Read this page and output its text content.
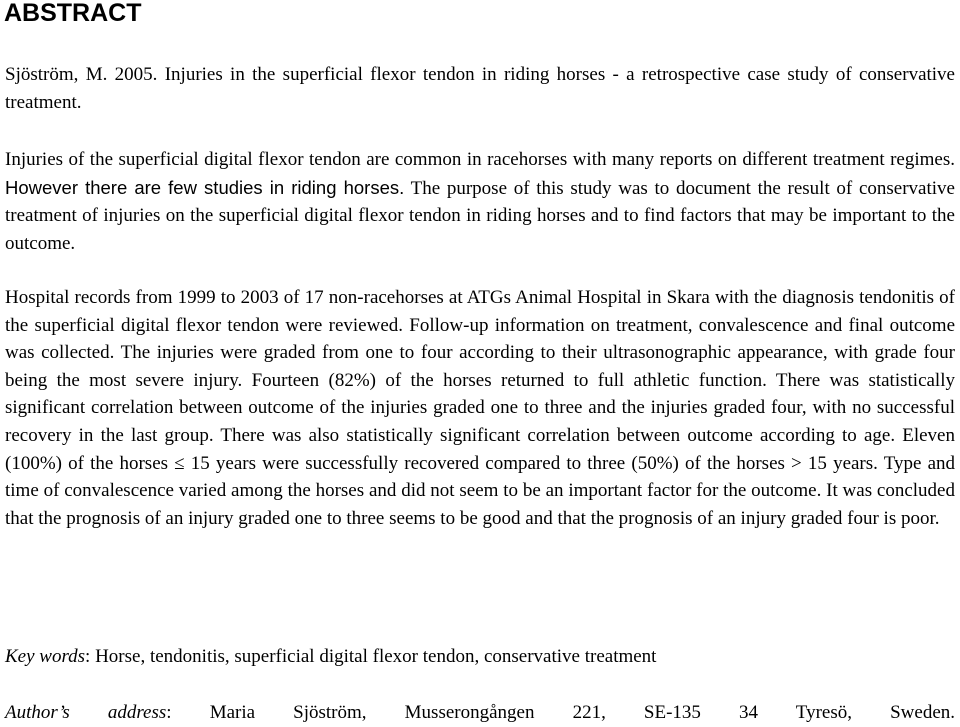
ABSTRACT

Sjöström, M. 2005. Injuries in the superficial flexor tendon in riding horses - a retrospective case study of conservative treatment.

Injuries of the superficial digital flexor tendon are common in racehorses with many reports on different treatment regimes. However there are few studies in riding horses. The purpose of this study was to document the result of conservative treatment of injuries on the superficial digital flexor tendon in riding horses and to find factors that may be important to the outcome.

Hospital records from 1999 to 2003 of 17 non-racehorses at ATGs Animal Hospital in Skara with the diagnosis tendonitis of the superficial digital flexor tendon were reviewed. Follow-up information on treatment, convalescence and final outcome was collected. The injuries were graded from one to four according to their ultrasonographic appearance, with grade four being the most severe injury. Fourteen (82%) of the horses returned to full athletic function. There was statistically significant correlation between outcome of the injuries graded one to three and the injuries graded four, with no successful recovery in the last group. There was also statistically significant correlation between outcome according to age. Eleven (100%) of the horses ≤ 15 years were successfully recovered compared to three (50%) of the horses > 15 years. Type and time of convalescence varied among the horses and did not seem to be an important factor for the outcome. It was concluded that the prognosis of an injury graded one to three seems to be good and that the prognosis of an injury graded four is poor.

Key words: Horse, tendonitis, superficial digital flexor tendon, conservative treatment

Author’s address: Maria Sjöström, Musserongången 221, SE-135 34 Tyresö, Sweden.
